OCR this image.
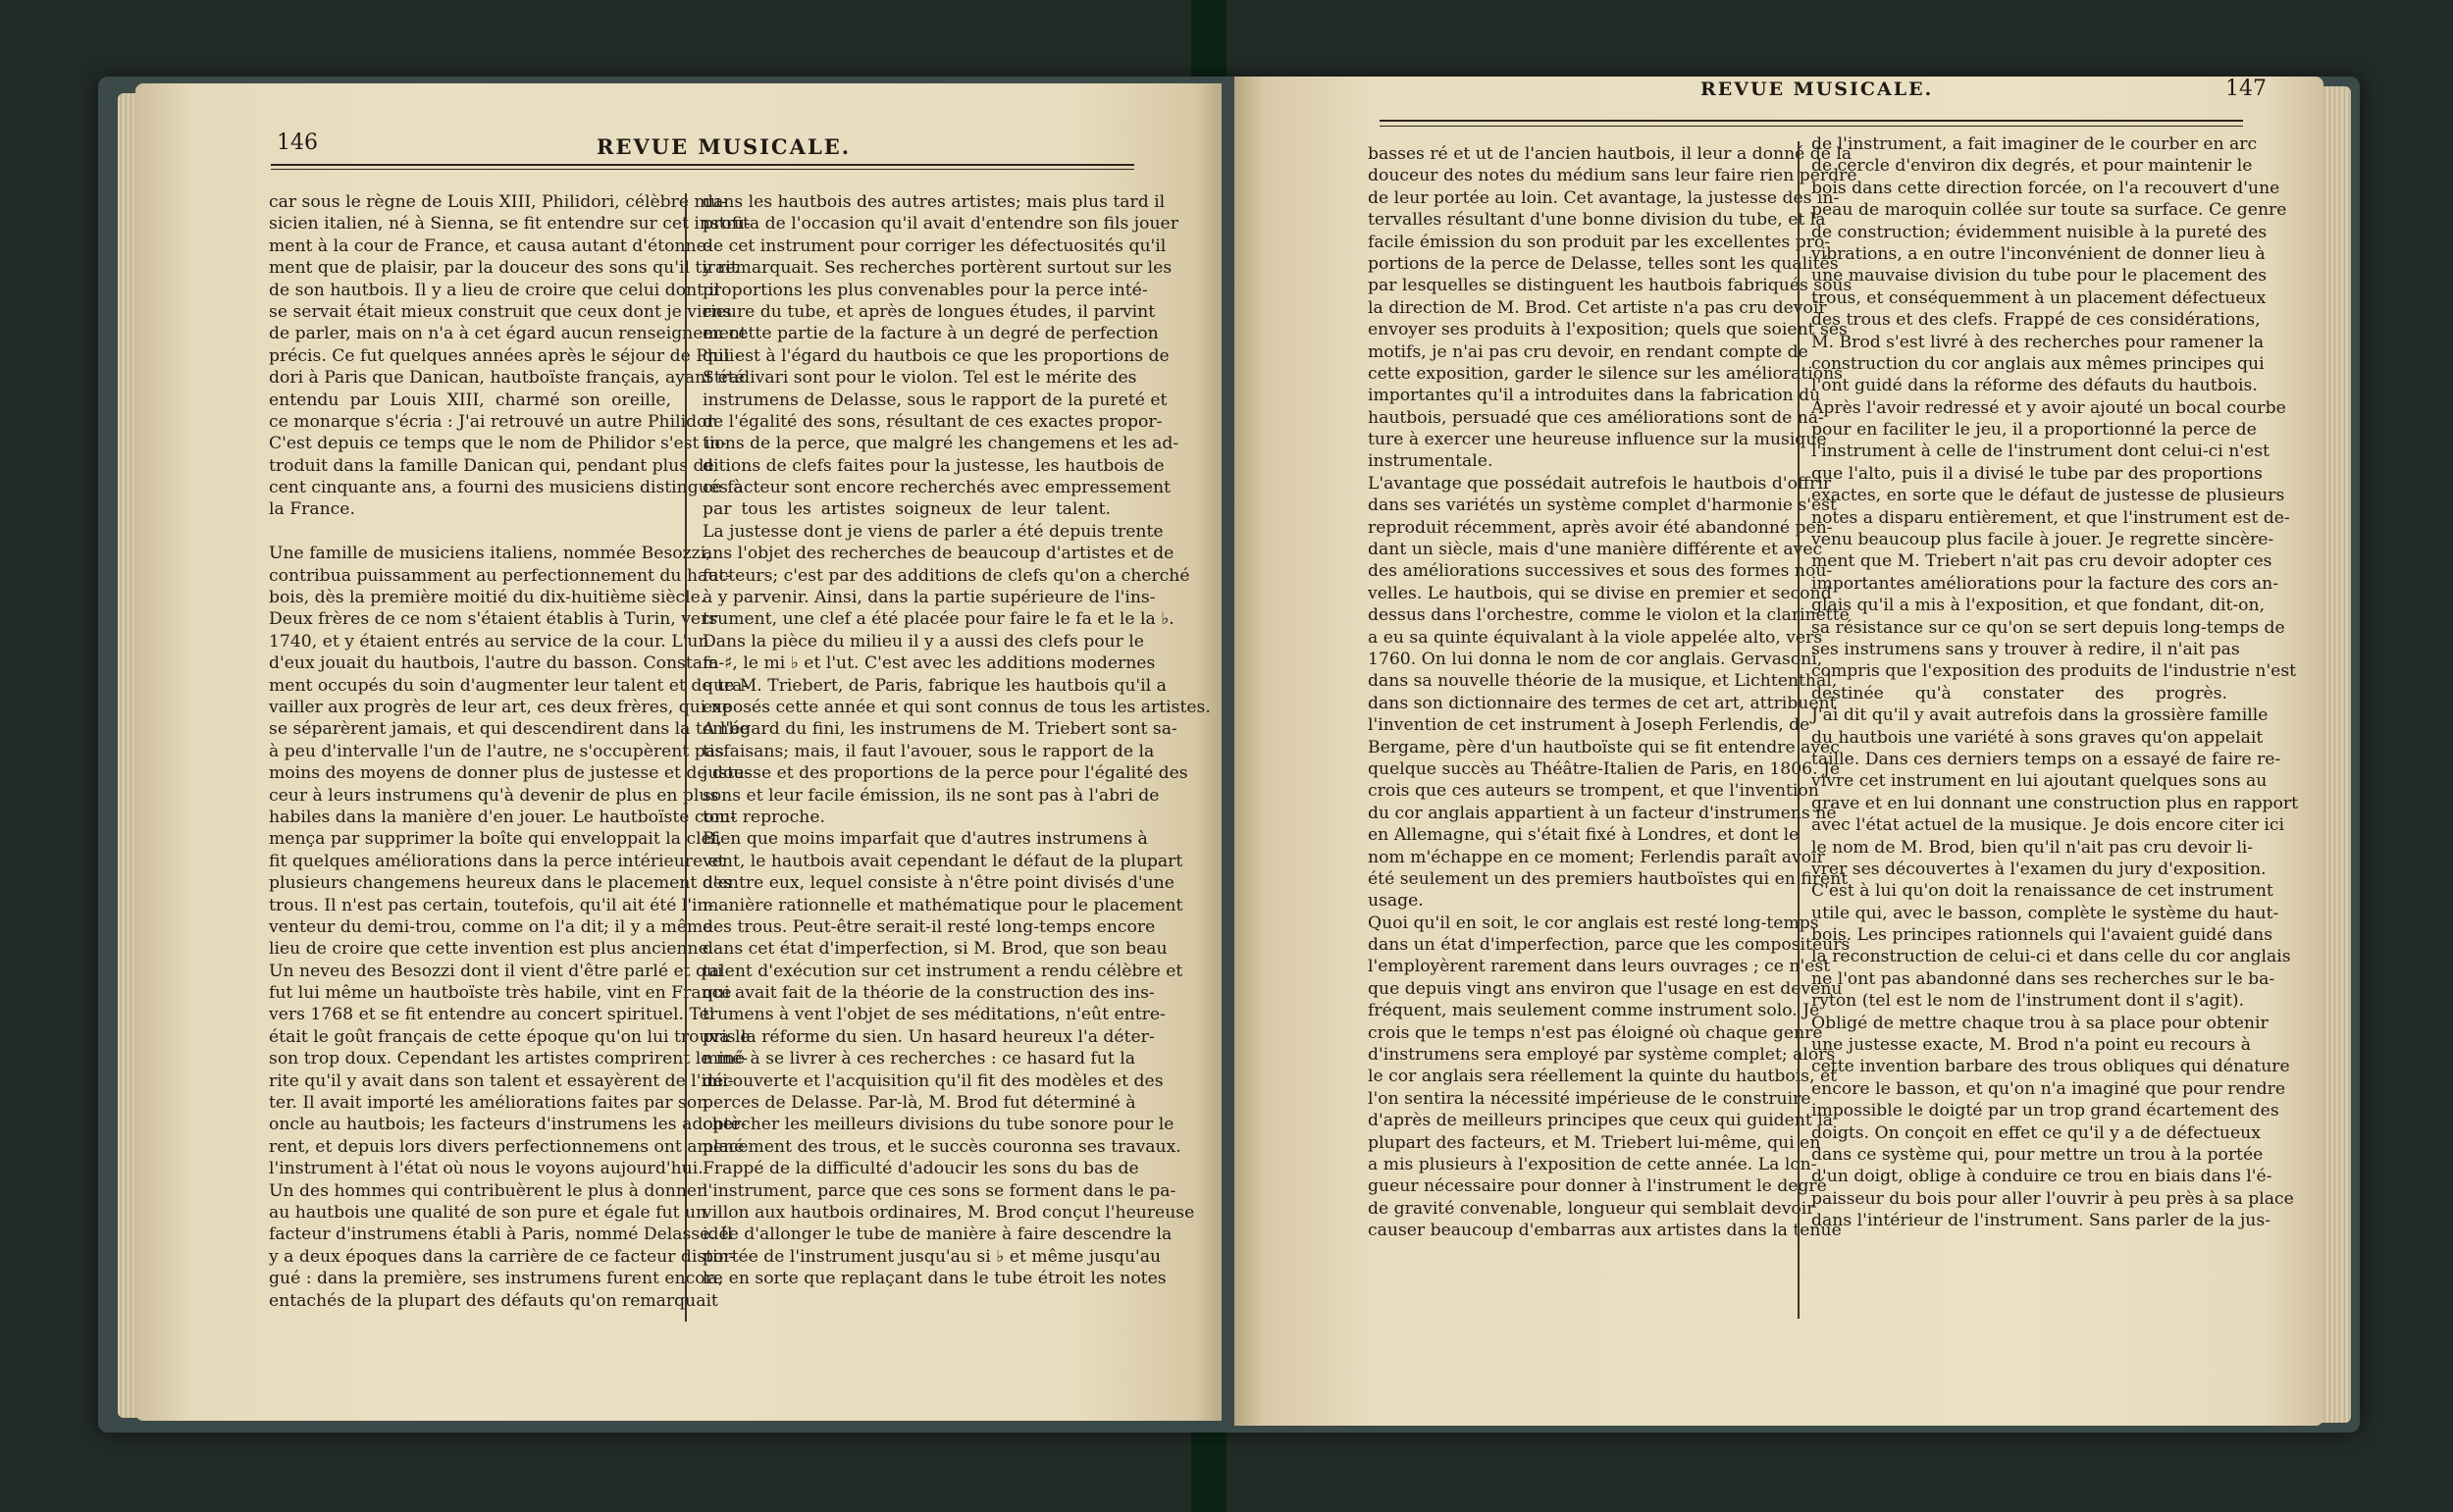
146	REVUE MUSICALE.
car sous le règne de Louis XIII, Philidori, célèbre mu-
sicien italien, né à Sienna, se fit entendre sur cet instru-
ment à la cour de France, et causa autant d'étonne-
ment que de plaisir, par la douceur des sons qu'il tirait
de son hautbois. Il y a lieu de croire que celui dont il
se servait était mieux construit que ceux dont je viens
de parler, mais on n'a à cet égard aucun renseignement
précis. Ce fut quelques années après le séjour de Phili-
dori à Paris que Danican, hautboïste français, ayant été
entendu par Louis XIII, charmé son oreille,
ce monarque s'écria : J'ai retrouvé un autre Philidor.
C'est depuis ce temps que le nom de Philidor s'est in-
troduit dans la famille Danican qui, pendant plus de
cent cinquante ans, a fourni des musiciens distingués à
la France.

Une famille de musiciens italiens, nommée Besozzi,
contribua puissamment au perfectionnement du haut-
bois, dès la première moitié du dix-huitième siècle.
Deux frères de ce nom s'étaient établis à Turin, vers
1740, et y étaient entrés au service de la cour. L'un
d'eux jouait du hautbois, l'autre du basson. Constam-
ment occupés du soin d'augmenter leur talent et de tra-
vailler aux progrès de leur art, ces deux frères, qui ne
se séparèrent jamais, et qui descendirent dans la tombe
à peu d'intervalle l'un de l'autre, ne s'occupèrent pas
moins des moyens de donner plus de justesse et de dou-
ceur à leurs instrumens qu'à devenir de plus en plus
habiles dans la manière d'en jouer. Le hautboïste com-
mença par supprimer la boîte qui enveloppait la clef,
fit quelques améliorations dans la perce intérieure et
plusieurs changemens heureux dans le placement des
trous. Il n'est pas certain, toutefois, qu'il ait été l'in-
venteur du demi-trou, comme on l'a dit; il y a même
lieu de croire que cette invention est plus ancienne.
Un neveu des Besozzi dont il vient d'être parlé et qui
fut lui même un hautboïste très habile, vint en France
vers 1768 et se fit entendre au concert spirituel. Tel
était le goût français de cette époque qu'on lui trouva le
son trop doux. Cependant les artistes comprirent le mé-
rite qu'il y avait dans son talent et essayèrent de l'imi-
ter. Il avait importé les améliorations faites par son
oncle au hautbois; les facteurs d'instrumens les adoptè-
rent, et depuis lors divers perfectionnemens ont amené
l'instrument à l'état où nous le voyons aujourd'hui.
Un des hommes qui contribuèrent le plus à donner
au hautbois une qualité de son pure et égale fut un
facteur d'instrumens établi à Paris, nommé Delasse. Il
y a deux époques dans la carrière de ce facteur distin-
gué : dans la première, ses instrumens furent encore
entachés de la plupart des défauts qu'on remarquait
dans les hautbois des autres artistes; mais plus tard il
profita de l'occasion qu'il avait d'entendre son fils jouer
de cet instrument pour corriger les défectuosités qu'il
y remarquait. Ses recherches portèrent surtout sur les
proportions les plus convenables pour la perce inté-
rieure du tube, et après de longues études, il parvint
en cette partie de la facture à un degré de perfection
qui est à l'égard du hautbois ce que les proportions de
Stradivari sont pour le violon. Tel est le mérite des
instrumens de Delasse, sous le rapport de la pureté et
de l'égalité des sons, résultant de ces exactes propor-
tions de la perce, que malgré les changemens et les ad-
ditions de clefs faites pour la justesse, les hautbois de
ce facteur sont encore recherchés avec empressement
par tous les artistes soigneux de leur talent.
La justesse dont je viens de parler a été depuis trente
ans l'objet des recherches de beaucoup d'artistes et de
facteurs; c'est par des additions de clefs qu'on a cherché
à y parvenir. Ainsi, dans la partie supérieure de l'ins-
trument, une clef a été placée pour faire le fa et le la ♭.
Dans la pièce du milieu il y a aussi des clefs pour le
fa ♯, le mi ♭ et l'ut. C'est avec les additions modernes
que M. Triebert, de Paris, fabrique les hautbois qu'il a
exposés cette année et qui sont connus de tous les artistes.
A l'égard du fini, les instrumens de M. Triebert sont sa-
tisfaisans; mais, il faut l'avouer, sous le rapport de la
justesse et des proportions de la perce pour l'égalité des
sons et leur facile émission, ils ne sont pas à l'abri de
tout reproche.
Bien que moins imparfait que d'autres instrumens à
vent, le hautbois avait cependant le défaut de la plupart
d'entre eux, lequel consiste à n'être point divisés d'une
manière rationnelle et mathématique pour le placement
des trous. Peut-être serait-il resté long-temps encore
dans cet état d'imperfection, si M. Brod, que son beau
talent d'exécution sur cet instrument a rendu célèbre et
qui avait fait de la théorie de la construction des ins-
trumens à vent l'objet de ses méditations, n'eût entre-
pris la réforme du sien. Un hasard heureux l'a déter-
miné à se livrer à ces recherches : ce hasard fut la
découverte et l'acquisition qu'il fit des modèles et des
perces de Delasse. Par-là, M. Brod fut déterminé à
chercher les meilleurs divisions du tube sonore pour le
placement des trous, et le succès couronna ses travaux.
Frappé de la difficulté d'adoucir les sons du bas de
l'instrument, parce que ces sons se forment dans le pa-
villon aux hautbois ordinaires, M. Brod conçut l'heureuse
idée d'allonger le tube de manière à faire descendre la
portée de l'instrument jusqu'au si ♭ et même jusqu'au
la, en sorte que replaçant dans le tube étroit les notes
REVUE MUSICALE.	147
basses ré et ut de l'ancien hautbois, il leur a donné de la
douceur des notes du médium sans leur faire rien perdre
de leur portée au loin. Cet avantage, la justesse des in-
tervalles résultant d'une bonne division du tube, et la
facile émission du son produit par les excellentes pro-
portions de la perce de Delasse, telles sont les qualités
par lesquelles se distinguent les hautbois fabriqués sous
la direction de M. Brod. Cet artiste n'a pas cru devoir
envoyer ses produits à l'exposition; quels que soient ses
motifs, je n'ai pas cru devoir, en rendant compte de
cette exposition, garder le silence sur les améliorations
importantes qu'il a introduites dans la fabrication du
hautbois, persuadé que ces améliorations sont de na-
ture à exercer une heureuse influence sur la musique
instrumentale.
L'avantage que possédait autrefois le hautbois d'offrir
dans ses variétés un système complet d'harmonie s'est
reproduit récemment, après avoir été abandonné pen-
dant un siècle, mais d'une manière différente et avec
des améliorations successives et sous des formes nou-
velles. Le hautbois, qui se divise en premier et second
dessus dans l'orchestre, comme le violon et la clarinette
a eu sa quinte équivalant à la viole appelée alto, vers
1760. On lui donna le nom de cor anglais. Gervasoni,
dans sa nouvelle théorie de la musique, et Lichtenthal,
dans son dictionnaire des termes de cet art, attribuent
l'invention de cet instrument à Joseph Ferlendis, de
Bergame, père d'un hautboïste qui se fit entendre avec
quelque succès au Théâtre-Italien de Paris, en 1806. Je
crois que ces auteurs se trompent, et que l'invention
du cor anglais appartient à un facteur d'instrumens né
en Allemagne, qui s'était fixé à Londres, et dont le
nom m'échappe en ce moment; Ferlendis paraît avoir
été seulement un des premiers hautboïstes qui en firent
usage.
Quoi qu'il en soit, le cor anglais est resté long-temps
dans un état d'imperfection, parce que les compositeurs
l'employèrent rarement dans leurs ouvrages ; ce n'est
que depuis vingt ans environ que l'usage en est devenu
fréquent, mais seulement comme instrument solo. Je
crois que le temps n'est pas éloigné où chaque genre
d'instrumens sera employé par système complet; alors
le cor anglais sera réellement la quinte du hautbois, et
l'on sentira la nécessité impérieuse de le construire
d'après de meilleurs principes que ceux qui guident la
plupart des facteurs, et M. Triebert lui-même, qui en
a mis plusieurs à l'exposition de cette année. La lon-
gueur nécessaire pour donner à l'instrument le degré
de gravité convenable, longueur qui semblait devoir
causer beaucoup d'embarras aux artistes dans la tenue
de l'instrument, a fait imaginer de le courber en arc
de cercle d'environ dix degrés, et pour maintenir le
bois dans cette direction forcée, on l'a recouvert d'une
peau de maroquin collée sur toute sa surface. Ce genre
de construction; évidemment nuisible à la pureté des
vibrations, a en outre l'inconvénient de donner lieu à
une mauvaise division du tube pour le placement des
trous, et conséquemment à un placement défectueux
des trous et des clefs. Frappé de ces considérations,
M. Brod s'est livré à des recherches pour ramener la
construction du cor anglais aux mêmes principes qui
l'ont guidé dans la réforme des défauts du hautbois.
Après l'avoir redressé et y avoir ajouté un bocal courbe
pour en faciliter le jeu, il a proportionné la perce de
l'instrument à celle de l'instrument dont celui-ci n'est
que l'alto, puis il a divisé le tube par des proportions
exactes, en sorte que le défaut de justesse de plusieurs
notes a disparu entièrement, et que l'instrument est de-
venu beaucoup plus facile à jouer. Je regrette sincère-
ment que M. Triebert n'ait pas cru devoir adopter ces
importantes améliorations pour la facture des cors an-
glais qu'il a mis à l'exposition, et que fondant, dit-on,
sa résistance sur ce qu'on se sert depuis long-temps de
ses instrumens sans y trouver à redire, il n'ait pas
compris que l'exposition des produits de l'industrie n'est
destinée qu'à constater des progrès.
J'ai dit qu'il y avait autrefois dans la grossière famille
du hautbois une variété à sons graves qu'on appelait
taille. Dans ces derniers temps on a essayé de faire re-
vivre cet instrument en lui ajoutant quelques sons au
grave et en lui donnant une construction plus en rapport
avec l'état actuel de la musique. Je dois encore citer ici
le nom de M. Brod, bien qu'il n'ait pas cru devoir li-
vrer ses découvertes à l'examen du jury d'exposition.
C'est à lui qu'on doit la renaissance de cet instrument
utile qui, avec le basson, complète le système du haut-
bois. Les principes rationnels qui l'avaient guidé dans
la reconstruction de celui-ci et dans celle du cor anglais
ne l'ont pas abandonné dans ses recherches sur le ba-
ryton (tel est le nom de l'instrument dont il s'agit).
Obligé de mettre chaque trou à sa place pour obtenir
une justesse exacte, M. Brod n'a point eu recours à
cette invention barbare des trous obliques qui dénature
encore le basson, et qu'on n'a imaginé que pour rendre
impossible le doigté par un trop grand écartement des
doigts. On conçoit en effet ce qu'il y a de défectueux
dans ce système qui, pour mettre un trou à la portée
d'un doigt, oblige à conduire ce trou en biais dans l'é-
paisseur du bois pour aller l'ouvrir à peu près à sa place
dans l'intérieur de l'instrument. Sans parler de la jus-
